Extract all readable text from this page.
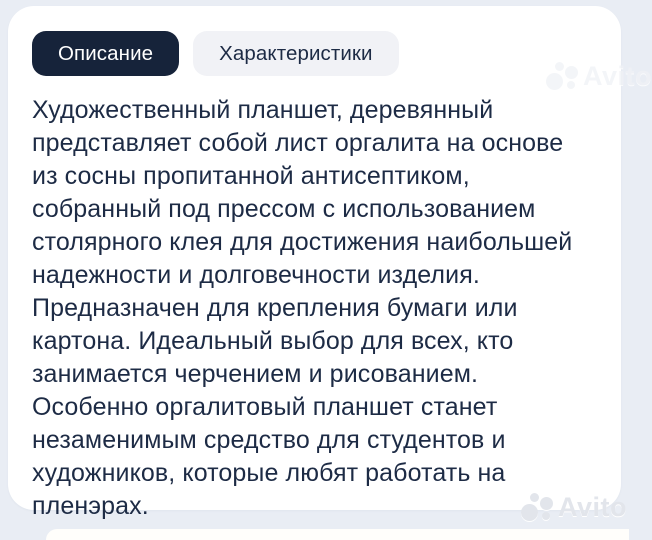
Описание	Характеристики
Художественный планшет, деревянный
представляет собой лист оргалита на основе
из сосны пропитанной антисептиком,
собранный под прессом с использованием
столярного клея для достижения наибольшей
надежности и долговечности изделия.
Предназначен для крепления бумаги или
картона. Идеальный выбор для всех, кто
занимается черчением и рисованием.
Особенно оргалитовый планшет станет
незаменимым средство для студентов и
художников, которые любят работать на
пленэрах.
Avito
Avito
